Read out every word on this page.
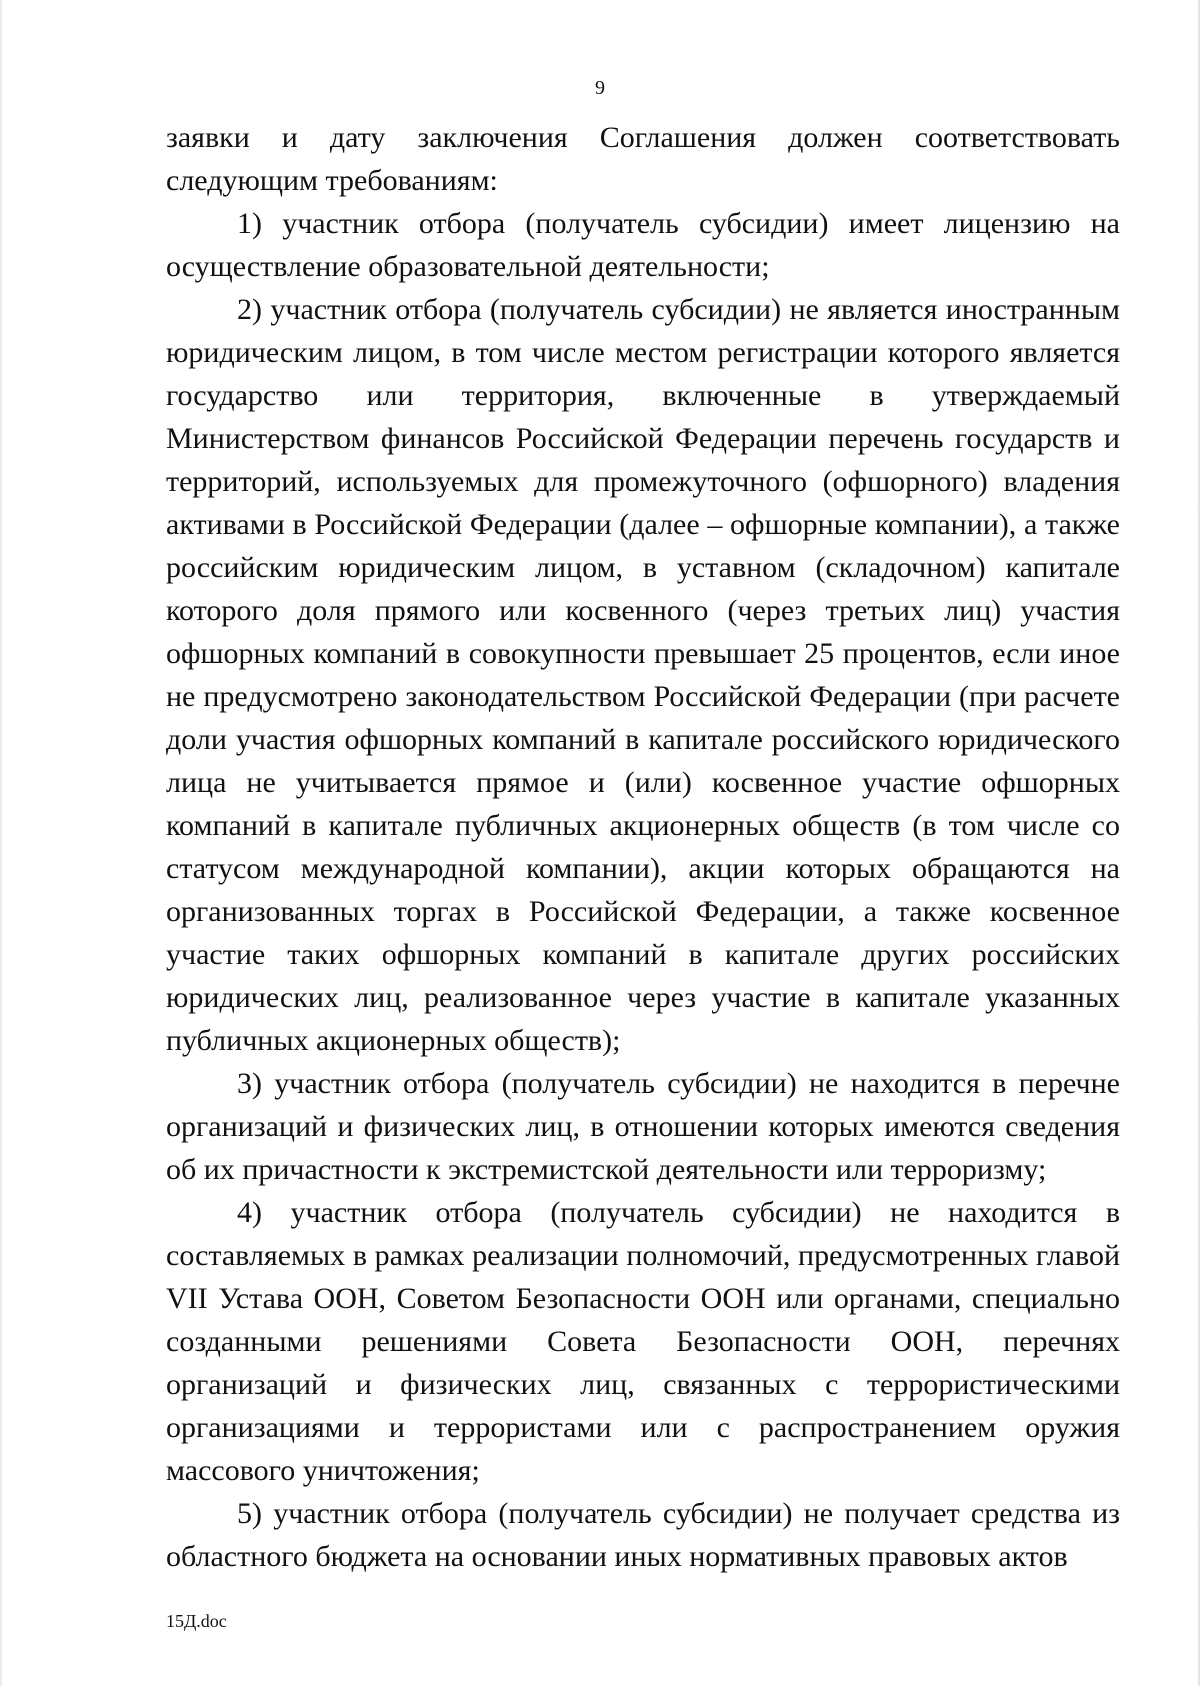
9

заявки и дату заключения Соглашения должен соответствовать следующим требованиям:

1) участник отбора (получатель субсидии) имеет лицензию на осуществление образовательной деятельности;

2) участник отбора (получатель субсидии) не является иностранным юридическим лицом, в том числе местом регистрации которого является государство или территория, включенные в утверждаемый Министерством финансов Российской Федерации перечень государств и территорий, используемых для промежуточного (офшорного) владения активами в Российской Федерации (далее – офшорные компании), а также российским юридическим лицом, в уставном (складочном) капитале которого доля прямого или косвенного (через третьих лиц) участия офшорных компаний в совокупности превышает 25 процентов, если иное не предусмотрено законодательством Российской Федерации (при расчете доли участия офшорных компаний в капитале российского юридического лица не учитывается прямое и (или) косвенное участие офшорных компаний в капитале публичных акционерных обществ (в том числе со статусом международной компании), акции которых обращаются на организованных торгах в Российской Федерации, а также косвенное участие таких офшорных компаний в капитале других российских юридических лиц, реализованное через участие в капитале указанных публичных акционерных обществ);

3) участник отбора (получатель субсидии) не находится в перечне организаций и физических лиц, в отношении которых имеются сведения об их причастности к экстремистской деятельности или терроризму;

4) участник отбора (получатель субсидии) не находится в составляемых в рамках реализации полномочий, предусмотренных главой VII Устава ООН, Советом Безопасности ООН или органами, специально созданными решениями Совета Безопасности ООН, перечнях организаций и физических лиц, связанных с террористическими организациями и террористами или с распространением оружия массового уничтожения;

5) участник отбора (получатель субсидии) не получает средства из областного бюджета на основании иных нормативных правовых актов

15Д.doc
